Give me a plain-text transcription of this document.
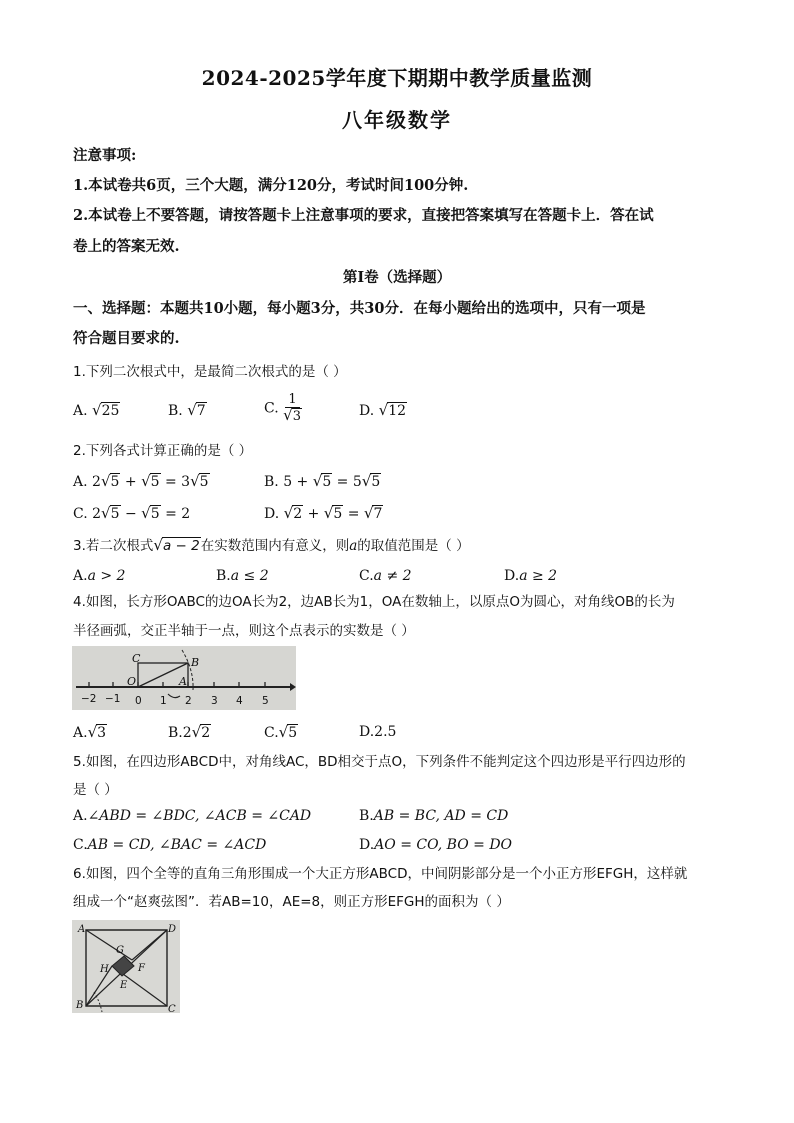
2024-2025学年度下期期中教学质量监测
八年级数学
注意事项:
1.本试卷共6页，三个大题，满分120分，考试时间100分钟.
2.本试卷上不要答题，请按答题卡上注意事项的要求，直接把答案填写在答题卡上．答在试
卷上的答案无效.
第Ⅰ卷（选择题）
一、选择题：本题共10小题，每小题3分，共30分．在每小题给出的选项中，只有一项是
符合题目要求的.
1.下列二次根式中，是最简二次根式的是（ ）
A. √25	B. √7	C. $\frac{1}{√3}$	D. √12
2.下列各式计算正确的是（ ）
A. 2√5 + √5 = 3√5	B. 5 + √5 = 5√5
C. 2√5 − √5 = 2	D. √2 + √5 = √7
3.若二次根式√a − 2在实数范围内有意义，则a的取值范围是（ ）
A.a > 2	B.a ≤ 2	C.a ≠ 2	D.a ≥ 2
4.如图，长方形OABC的边OA长为2，边AB长为1，OA在数轴上，以原点O为圆心，对角线OB的长为
半径画弧，交正半轴于一点，则这个点表示的实数是（ ）
C	B
O	A
−2 −1 0 1 2 3 4 5
A.√3	B.2√2	C.√5	D.2.5
5.如图，在四边形ABCD中，对角线AC，BD相交于点O，下列条件不能判定这个四边形是平行四边形的
是（ ）
A.∠ABD = ∠BDC, ∠ACB = ∠CAD	B.AB = BC, AD = CD
C.AB = CD, ∠BAC = ∠ACD	D.AO = CO, BO = DO
6.如图，四个全等的直角三角形围成一个大正方形ABCD，中间阴影部分是一个小正方形EFGH，这样就
组成一个“赵爽弦图”．若AB=10，AE=8，则正方形EFGH的面积为（ ）
A	D
B	C
G
H	F
E
